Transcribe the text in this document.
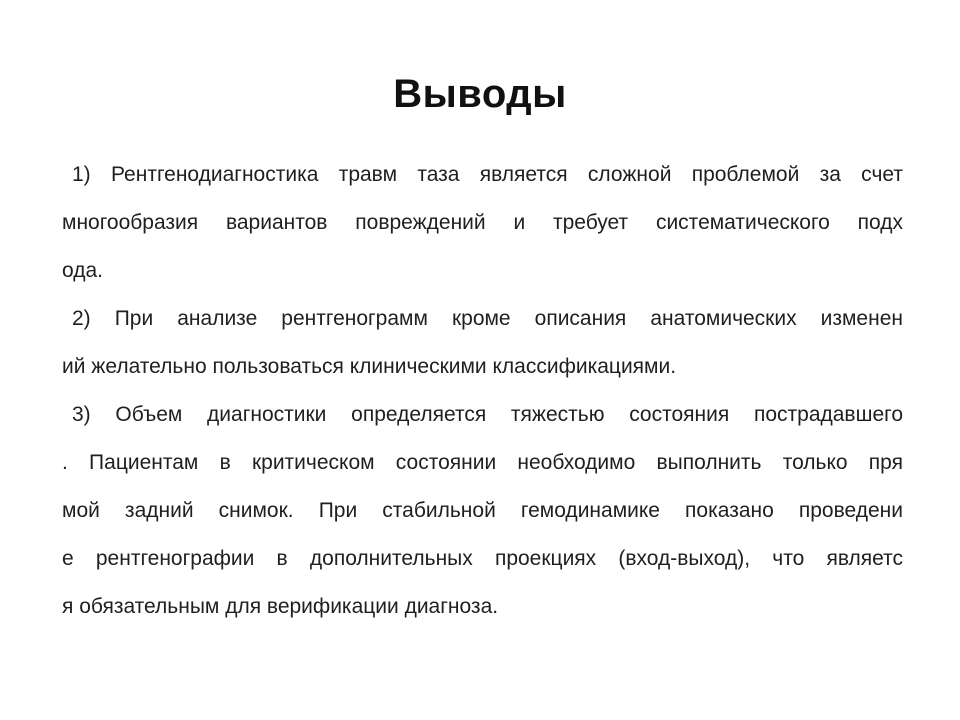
Выводы
1) Рентгенодиагностика травм таза является сложной проблемой за счет
многообразия вариантов повреждений и требует систематического подх
ода.
2) При анализе рентгенограмм кроме описания анатомических изменен
ий желательно пользоваться клиническими классификациями.
3) Объем диагностики определяется тяжестью состояния пострадавшего
. Пациентам в критическом состоянии необходимо выполнить только пря
мой задний снимок. При стабильной гемодинамике показано проведени
е рентгенографии в дополнительных проекциях (вход-выход), что являетс
я обязательным для верификации диагноза.
